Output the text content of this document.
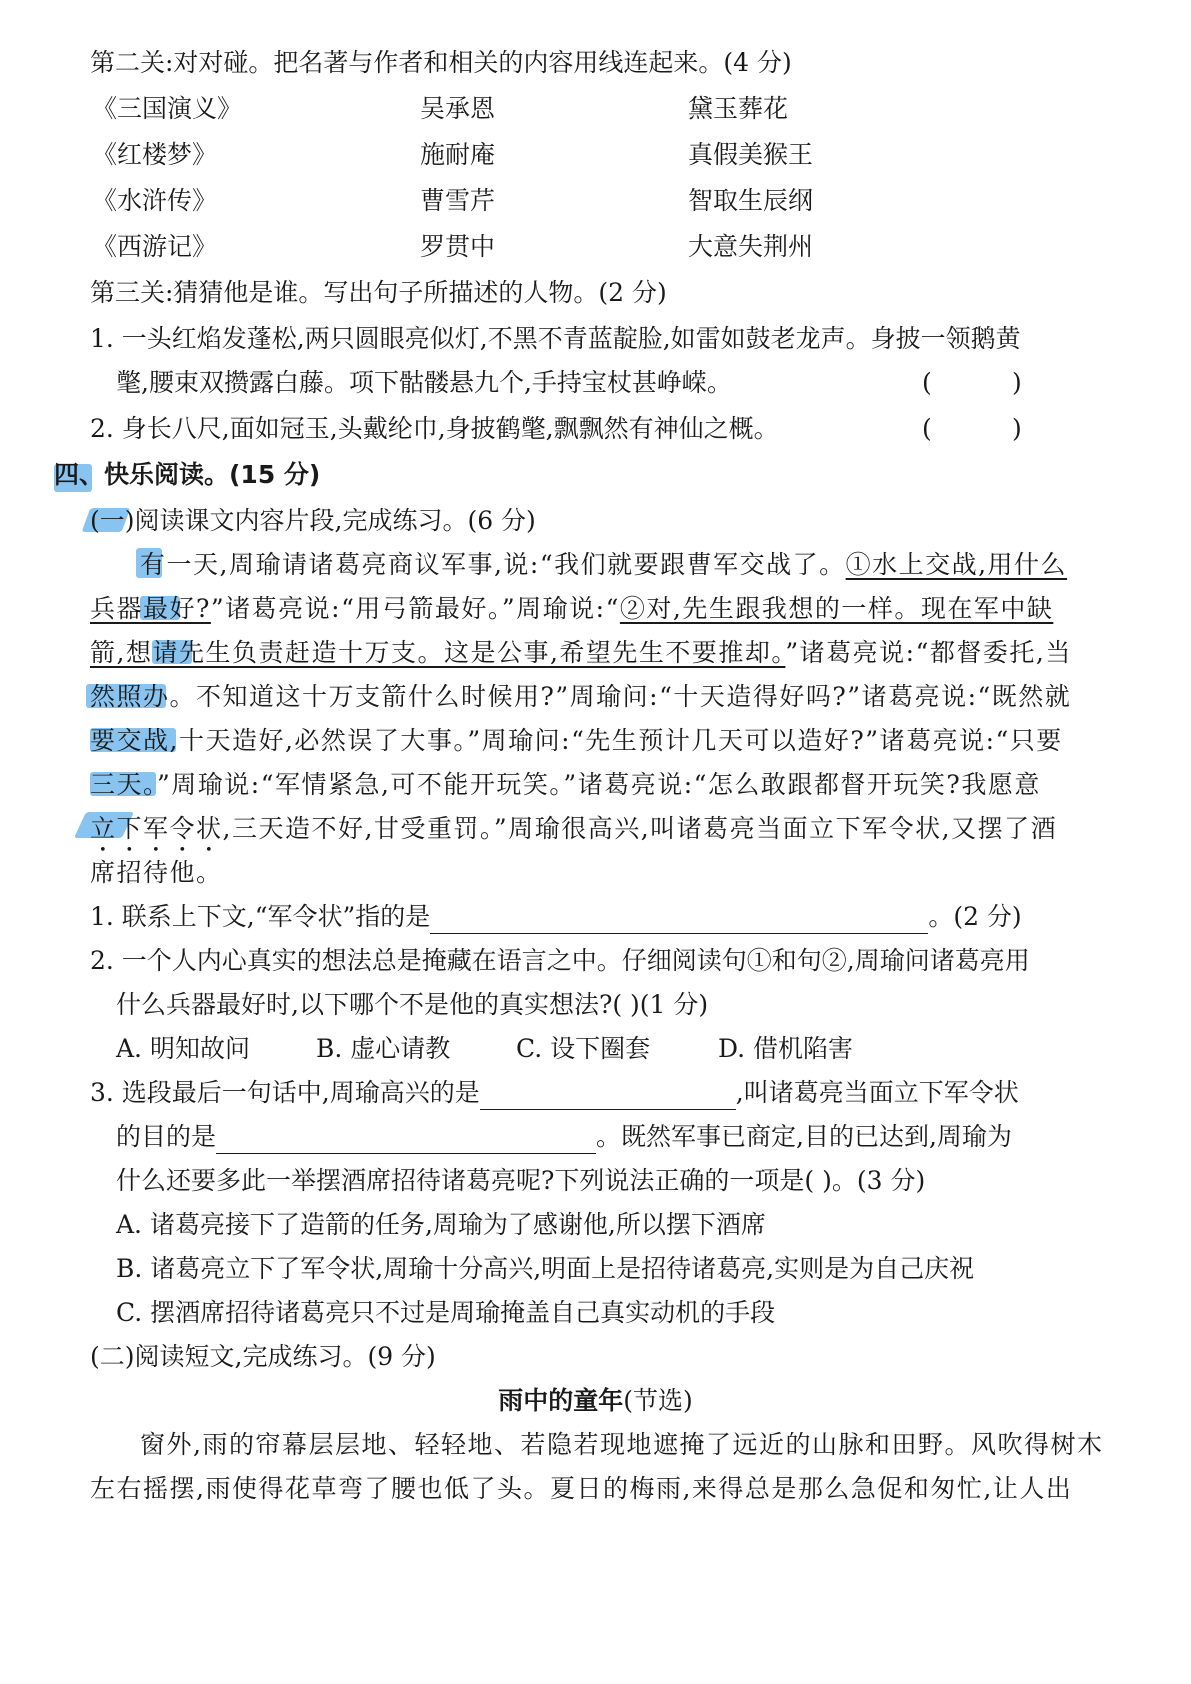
第二关:对对碰。把名著与作者和相关的内容用线连起来。(4 分)
《三国演义》	吴承恩	黛玉葬花
《红楼梦》	施耐庵	真假美猴王
《水浒传》	曹雪芹	智取生辰纲
《西游记》	罗贯中	大意失荆州
第三关:猜猜他是谁。写出句子所描述的人物。(2 分)
1. 一头红焰发蓬松,两只圆眼亮似灯,不黑不青蓝靛脸,如雷如鼓老龙声。身披一领鹅黄
氅,腰束双攒露白藤。项下骷髅悬九个,手持宝杖甚峥嵘。	(	)
2. 身长八尺,面如冠玉,头戴纶巾,身披鹤氅,飘飘然有神仙之概。	(	)
四、快乐阅读。(15 分)
(一)阅读课文内容片段,完成练习。(6 分)
有一天,周瑜请诸葛亮商议军事,说:“我们就要跟曹军交战了。①水上交战,用什么
兵器最好?”诸葛亮说:“用弓箭最好。”周瑜说:“②对,先生跟我想的一样。现在军中缺
箭,想请先生负责赶造十万支。这是公事,希望先生不要推却。”诸葛亮说:“都督委托,当
然照办。不知道这十万支箭什么时候用?”周瑜问:“十天造得好吗?”诸葛亮说:“既然就
要交战,十天造好,必然误了大事。”周瑜问:“先生预计几天可以造好?”诸葛亮说:“只要
三天。”周瑜说:“军情紧急,可不能开玩笑。”诸葛亮说:“怎么敢跟都督开玩笑?我愿意
立下军令状,三天造不好,甘受重罚。”周瑜很高兴,叫诸葛亮当面立下军令状,又摆了酒
席招待他。
1. 联系上下文,“军令状”指的是	。(2 分)
2. 一个人内心真实的想法总是掩藏在语言之中。仔细阅读句①和句②,周瑜问诸葛亮用
什么兵器最好时,以下哪个不是他的真实想法?( )(1 分)
A. 明知故问	B. 虚心请教	C. 设下圈套	D. 借机陷害
3. 选段最后一句话中,周瑜高兴的是	,叫诸葛亮当面立下军令状
的目的是	。既然军事已商定,目的已达到,周瑜为
什么还要多此一举摆酒席招待诸葛亮呢?下列说法正确的一项是( )。(3 分)
A. 诸葛亮接下了造箭的任务,周瑜为了感谢他,所以摆下酒席
B. 诸葛亮立下了军令状,周瑜十分高兴,明面上是招待诸葛亮,实则是为自己庆祝
C. 摆酒席招待诸葛亮只不过是周瑜掩盖自己真实动机的手段
(二)阅读短文,完成练习。(9 分)
雨中的童年(节选)
窗外,雨的帘幕层层地、轻轻地、若隐若现地遮掩了远近的山脉和田野。风吹得树木
左右摇摆,雨使得花草弯了腰也低了头。夏日的梅雨,来得总是那么急促和匆忙,让人出
